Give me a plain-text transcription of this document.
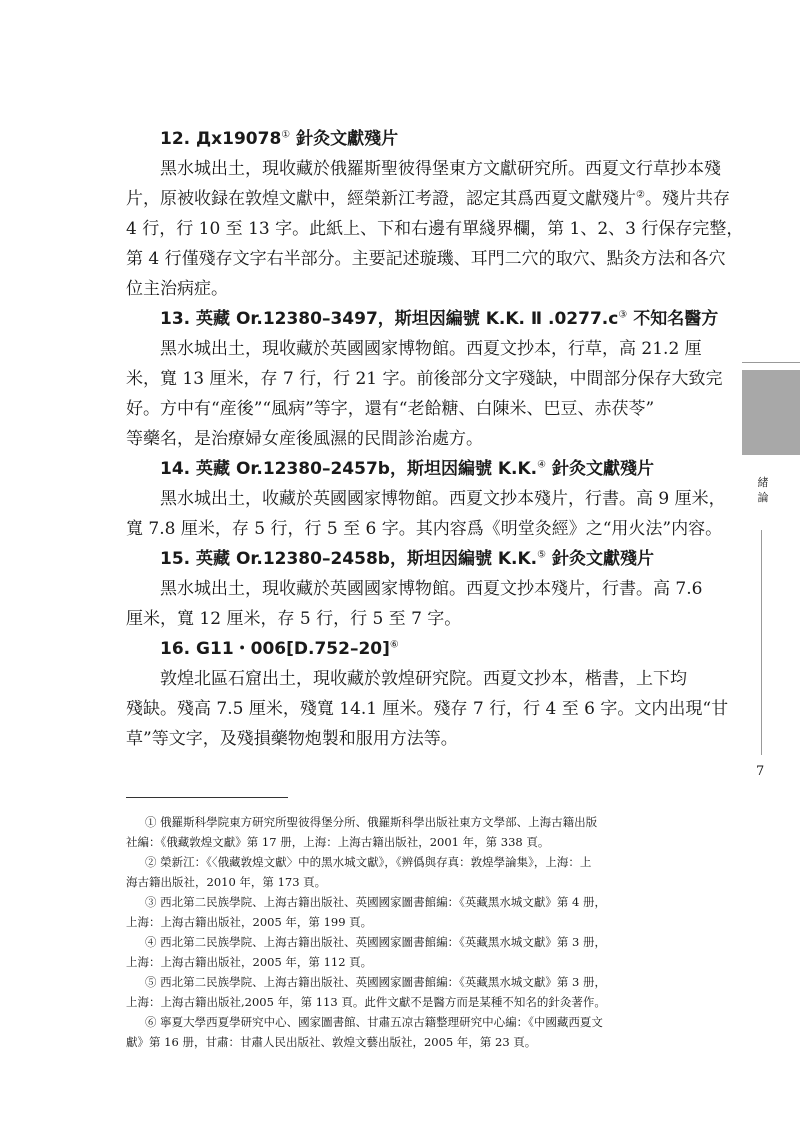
12. Дх19078① 針灸文獻殘片
黑水城出土，現收藏於俄羅斯聖彼得堡東方文獻研究所。西夏文行草抄本殘
片，原被收録在敦煌文獻中，經榮新江考證，認定其爲西夏文獻殘片②。殘片共存
4 行，行 10 至 13 字。此紙上、下和右邊有單綫界欄，第 1、2、3 行保存完整，
第 4 行僅殘存文字右半部分。主要記述璇璣、耳門二穴的取穴、點灸方法和各穴
位主治病症。
13. 英藏 Or.12380–3497，斯坦因編號 K.K. Ⅱ .0277.c③ 不知名醫方
黑水城出土，現收藏於英國國家博物館。西夏文抄本，行草，高 21.2 厘
米，寬 13 厘米，存 7 行，行 21 字。前後部分文字殘缺，中間部分保存大致完
好。方中有“産後”“風病”等字，還有“老餄糖、白陳米、巴豆、赤茯苓”
等藥名，是治療婦女産後風濕的民間診治處方。
14. 英藏 Or.12380–2457b，斯坦因編號 K.K.④ 針灸文獻殘片
黑水城出土，收藏於英國國家博物館。西夏文抄本殘片，行書。高 9 厘米，
寬 7.8 厘米，存 5 行，行 5 至 6 字。其内容爲《明堂灸經》之“用火法”内容。
15. 英藏 Or.12380–2458b，斯坦因編號 K.K.⑤ 針灸文獻殘片
黑水城出土，現收藏於英國國家博物館。西夏文抄本殘片，行書。高 7.6
厘米，寬 12 厘米，存 5 行，行 5 至 7 字。
16. G11・006[D.752–20]⑥
敦煌北區石窟出土，現收藏於敦煌研究院。西夏文抄本，楷書，上下均
殘缺。殘高 7.5 厘米，殘寬 14.1 厘米。殘存 7 行，行 4 至 6 字。文内出現“甘
草”等文字，及殘損藥物炮製和服用方法等。
① 俄羅斯科學院東方研究所聖彼得堡分所、俄羅斯科學出版社東方文學部、上海古籍出版
社編：《俄藏敦煌文獻》第 17 册，上海：上海古籍出版社，2001 年，第 338 頁。
② 榮新江：《〈俄藏敦煌文獻〉中的黑水城文獻》，《辨僞與存真：敦煌學論集》，上海：上
海古籍出版社，2010 年，第 173 頁。
③ 西北第二民族學院、上海古籍出版社、英國國家圖書館編：《英藏黑水城文獻》第 4 册，
上海：上海古籍出版社，2005 年，第 199 頁。
④ 西北第二民族學院、上海古籍出版社、英國國家圖書館編：《英藏黑水城文獻》第 3 册，
上海：上海古籍出版社，2005 年，第 112 頁。
⑤ 西北第二民族學院、上海古籍出版社、英國國家圖書館編：《英藏黑水城文獻》第 3 册，
上海：上海古籍出版社,2005 年，第 113 頁。此件文獻不是醫方而是某種不知名的針灸著作。
⑥ 寧夏大學西夏學研究中心、國家圖書館、甘肅五凉古籍整理研究中心編：《中國藏西夏文
獻》第 16 册，甘肅：甘肅人民出版社、敦煌文藝出版社，2005 年，第 23 頁。
緒論
7
